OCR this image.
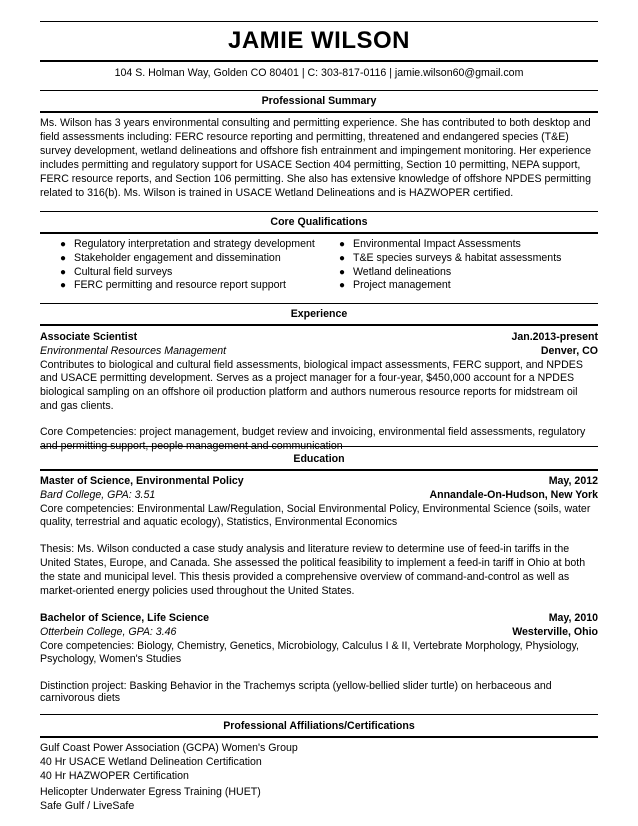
JAMIE WILSON
104 S. Holman Way, Golden CO 80401 | C: 303-817-0116 | jamie.wilson60@gmail.com
Professional Summary
Ms. Wilson has 3 years environmental consulting and permitting experience. She has contributed to both desktop and field assessments including: FERC resource reporting and permitting, threatened and endangered species (T&E) survey development, wetland delineations and offshore fish entrainment and impingement monitoring. Her experience includes permitting and regulatory support for USACE Section 404 permitting, Section 10 permitting, NEPA support, FERC resource reports, and Section 106 permitting. She also has extensive knowledge of offshore NPDES permitting related to 316(b). Ms. Wilson is trained in USACE Wetland Delineations and is HAZWOPER certified.
Core Qualifications
● Regulatory interpretation and strategy development
● Stakeholder engagement and dissemination
● Cultural field surveys
● FERC permitting and resource report support
● Environmental Impact Assessments
● T&E species surveys & habitat assessments
● Wetland delineations
● Project management
Experience
Associate Scientist	Jan.2013-present
Environmental Resources Management	Denver, CO
Contributes to biological and cultural field assessments, biological impact assessments, FERC support, and NPDES and USACE permitting development. Serves as a project manager for a four-year, $450,000 account for a NPDES biological sampling on an offshore oil production platform and authors numerous resource reports for midstream oil and gas clients.
Core Competencies: project management, budget review and invoicing, environmental field assessments, regulatory and permitting support, people management and communication
Education
Master of Science, Environmental Policy	May, 2012
Bard College, GPA: 3.51	Annandale-On-Hudson, New York
Core competencies: Environmental Law/Regulation, Social Environmental Policy, Environmental Science (soils, water quality, terrestrial and aquatic ecology), Statistics, Environmental Economics
Thesis: Ms. Wilson conducted a case study analysis and literature review to determine use of feed-in tariffs in the United States, Europe, and Canada. She assessed the political feasibility to implement a feed-in tariff in Ohio at both the state and municipal level. This thesis provided a comprehensive overview of command-and-control as well as market-oriented energy policies used throughout the United States.
Bachelor of Science, Life Science	May, 2010
Otterbein College, GPA: 3.46	Westerville, Ohio
Core competencies: Biology, Chemistry, Genetics, Microbiology, Calculus I & II, Vertebrate Morphology, Physiology, Psychology, Women's Studies
Distinction project: Basking Behavior in the Trachemys scripta (yellow-bellied slider turtle) on herbaceous and carnivorous diets
Professional Affiliations/Certifications
Gulf Coast Power Association (GCPA) Women's Group
40 Hr USACE Wetland Delineation Certification
40 Hr HAZWOPER Certification
Helicopter Underwater Egress Training (HUET)
Safe Gulf / LiveSafe
